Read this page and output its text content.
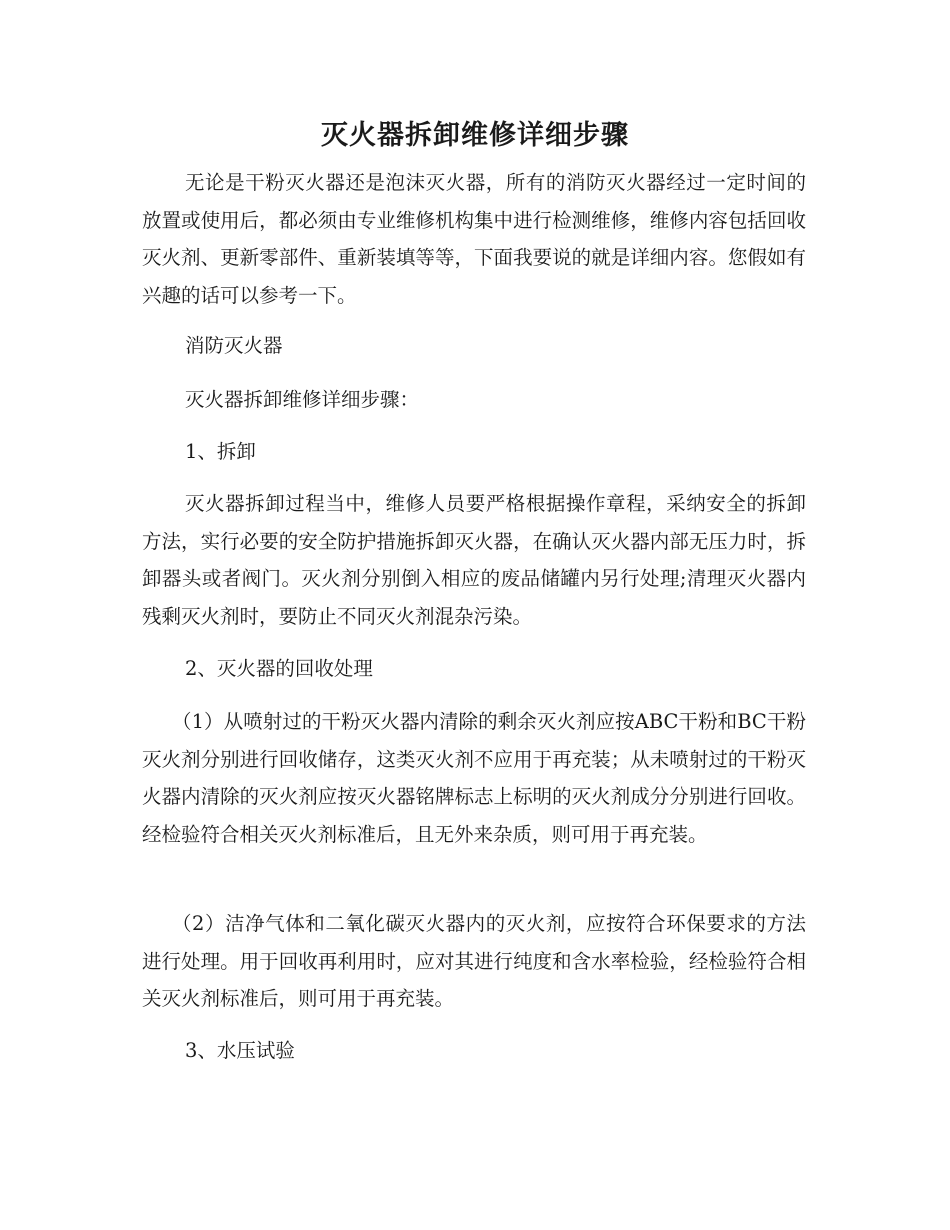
灭火器拆卸维修详细步骤

无论是干粉灭火器还是泡沫灭火器，所有的消防灭火器经过一定时间的放置或使用后，都必须由专业维修机构集中进行检测维修，维修内容包括回收灭火剂、更新零部件、重新装填等等，下面我要说的就是详细内容。您假如有兴趣的话可以参考一下。

消防灭火器

灭火器拆卸维修详细步骤：

1、拆卸

灭火器拆卸过程当中，维修人员要严格根据操作章程，采纳安全的拆卸方法，实行必要的安全防护措施拆卸灭火器，在确认灭火器内部无压力时，拆卸器头或者阀门。灭火剂分别倒入相应的废品储罐内另行处理;清理灭火器内残剩灭火剂时，要防止不同灭火剂混杂污染。

2、灭火器的回收处理

（1）从喷射过的干粉灭火器内清除的剩余灭火剂应按ABC干粉和BC干粉灭火剂分别进行回收储存，这类灭火剂不应用于再充装；从未喷射过的干粉灭火器内清除的灭火剂应按灭火器铭牌标志上标明的灭火剂成分分别进行回收。经检验符合相关灭火剂标准后，且无外来杂质，则可用于再充装。

（2）洁净气体和二氧化碳灭火器内的灭火剂，应按符合环保要求的方法进行处理。用于回收再利用时，应对其进行纯度和含水率检验，经检验符合相关灭火剂标准后，则可用于再充装。

3、水压试验
